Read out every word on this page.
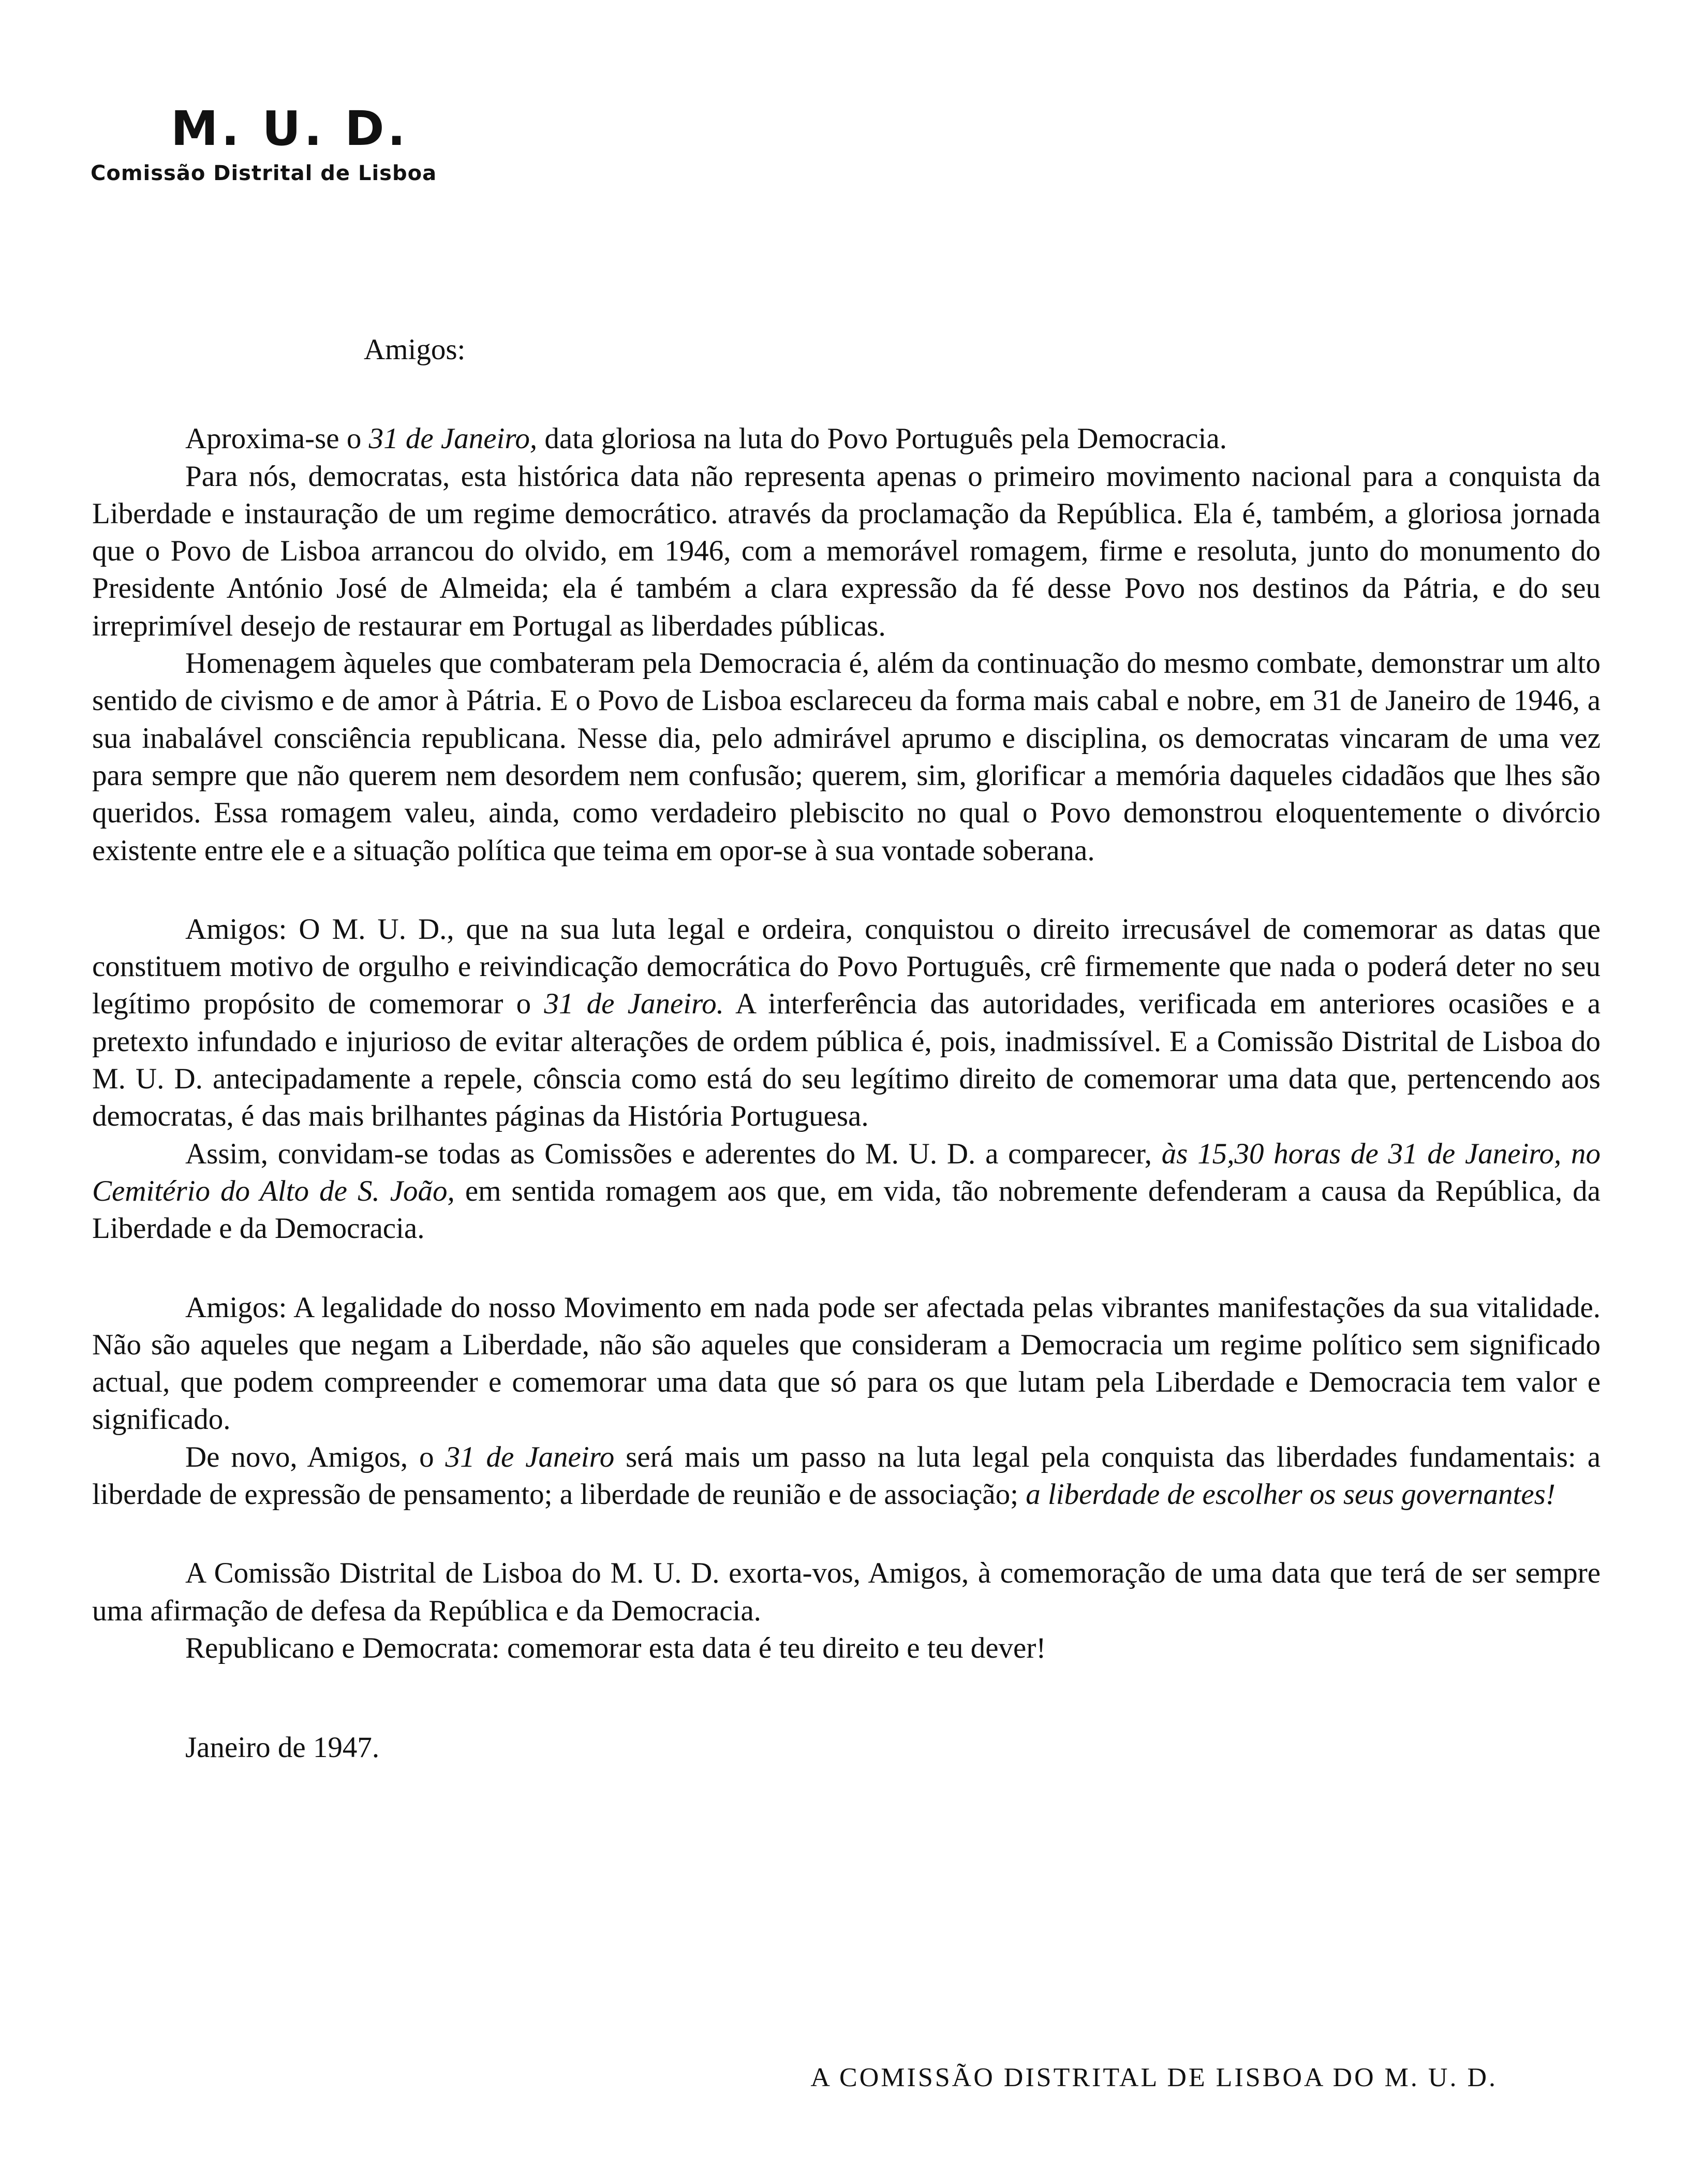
M. U. D.

Comissão Distrital de Lisboa

Amigos:

Aproxima-se o 31 de Janeiro, data gloriosa na luta do Povo Português pela Democracia.

Para nós, democratas, esta histórica data não representa apenas o primeiro movimento nacional para a conquista da Liberdade e instauração de um regime democrático. através da proclamação da República. Ela é, também, a gloriosa jornada que o Povo de Lisboa arrancou do olvido, em 1946, com a memorável romagem, firme e resoluta, junto do monumento do Presidente António José de Almeida; ela é também a clara expressão da fé desse Povo nos destinos da Pátria, e do seu irreprimível desejo de restaurar em Portugal as liberdades públicas.

Homenagem àqueles que combateram pela Democracia é, além da continuação do mesmo combate, demonstrar um alto sentido de civismo e de amor à Pátria. E o Povo de Lisboa esclareceu da forma mais cabal e nobre, em 31 de Janeiro de 1946, a sua inabalável consciência republicana. Nesse dia, pelo admirável aprumo e disciplina, os democratas vincaram de uma vez para sempre que não querem nem desordem nem confusão; querem, sim, glorificar a memória daqueles cidadãos que lhes são queridos. Essa romagem valeu, ainda, como verdadeiro plebiscito no qual o Povo demonstrou eloquentemente o divórcio existente entre ele e a situação política que teima em opor-se à sua vontade soberana.

Amigos: O M. U. D., que na sua luta legal e ordeira, conquistou o direito irrecusável de comemorar as datas que constituem motivo de orgulho e reivindicação democrática do Povo Português, crê firmemente que nada o poderá deter no seu legítimo propósito de comemorar o 31 de Janeiro. A interferência das autoridades, verificada em anteriores ocasiões e a pretexto infundado e injurioso de evitar alterações de ordem pública é, pois, inadmissível. E a Comissão Distrital de Lisboa do M. U. D. antecipadamente a repele, cônscia como está do seu legítimo direito de comemorar uma data que, pertencendo aos democratas, é das mais brilhantes páginas da História Portuguesa.

Assim, convidam-se todas as Comissões e aderentes do M. U. D. a comparecer, às 15,30 horas de 31 de Janeiro, no Cemitério do Alto de S. João, em sentida romagem aos que, em vida, tão nobremente defenderam a causa da República, da Liberdade e da Democracia.

Amigos: A legalidade do nosso Movimento em nada pode ser afectada pelas vibrantes manifestações da sua vitalidade. Não são aqueles que negam a Liberdade, não são aqueles que consideram a Democracia um regime político sem significado actual, que podem compreender e comemorar uma data que só para os que lutam pela Liberdade e Democracia tem valor e significado.

De novo, Amigos, o 31 de Janeiro será mais um passo na luta legal pela conquista das liberdades fundamentais: a liberdade de expressão de pensamento; a liberdade de reunião e de associação; a liberdade de escolher os seus governantes!

A Comissão Distrital de Lisboa do M. U. D. exorta-vos, Amigos, à comemoração de uma data que terá de ser sempre uma afirmação de defesa da República e da Democracia.

Republicano e Democrata: comemorar esta data é teu direito e teu dever!

Janeiro de 1947.

A COMISSÃO DISTRITAL DE LISBOA DO M. U. D.
